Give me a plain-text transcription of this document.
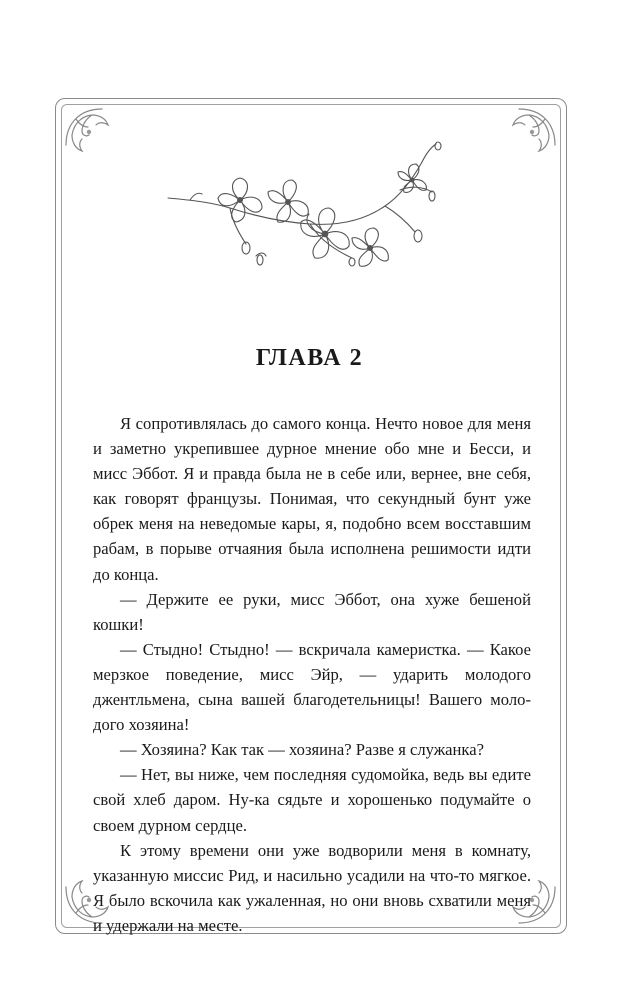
ГЛАВА 2

Я сопротивлялась до самого конца. Нечто новое для меня и заметно укрепившее дурное мнение обо мне и Бесси, и мисс Эббот. Я и правда была не в себе или, вернее, вне себя, как говорят французы. Понимая, что секундный бунт уже обрек меня на неведомые кары, я, подобно всем восставшим рабам, в порыве отчаяния была исполнена решимости идти до конца.

— Держите ее руки, мисс Эббот, она хуже бешеной кошки!

— Стыдно! Стыдно! — вскричала камеристка. — Какое мерзкое поведение, мисс Эйр, — ударить молодого джентльмена, сына вашей благодетельницы! Вашего молодого хозяина!

— Хозяина? Как так — хозяина? Разве я служанка?

— Нет, вы ниже, чем последняя судомойка, ведь вы едите свой хлеб даром. Ну-ка сядьте и хорошенько подумайте о своем дурном сердце.

К этому времени они уже водворили меня в комнату, указанную миссис Рид, и насильно усадили на что-то мягкое. Я было вскочила как ужаленная, но они вновь схватили меня и удержали на месте.
